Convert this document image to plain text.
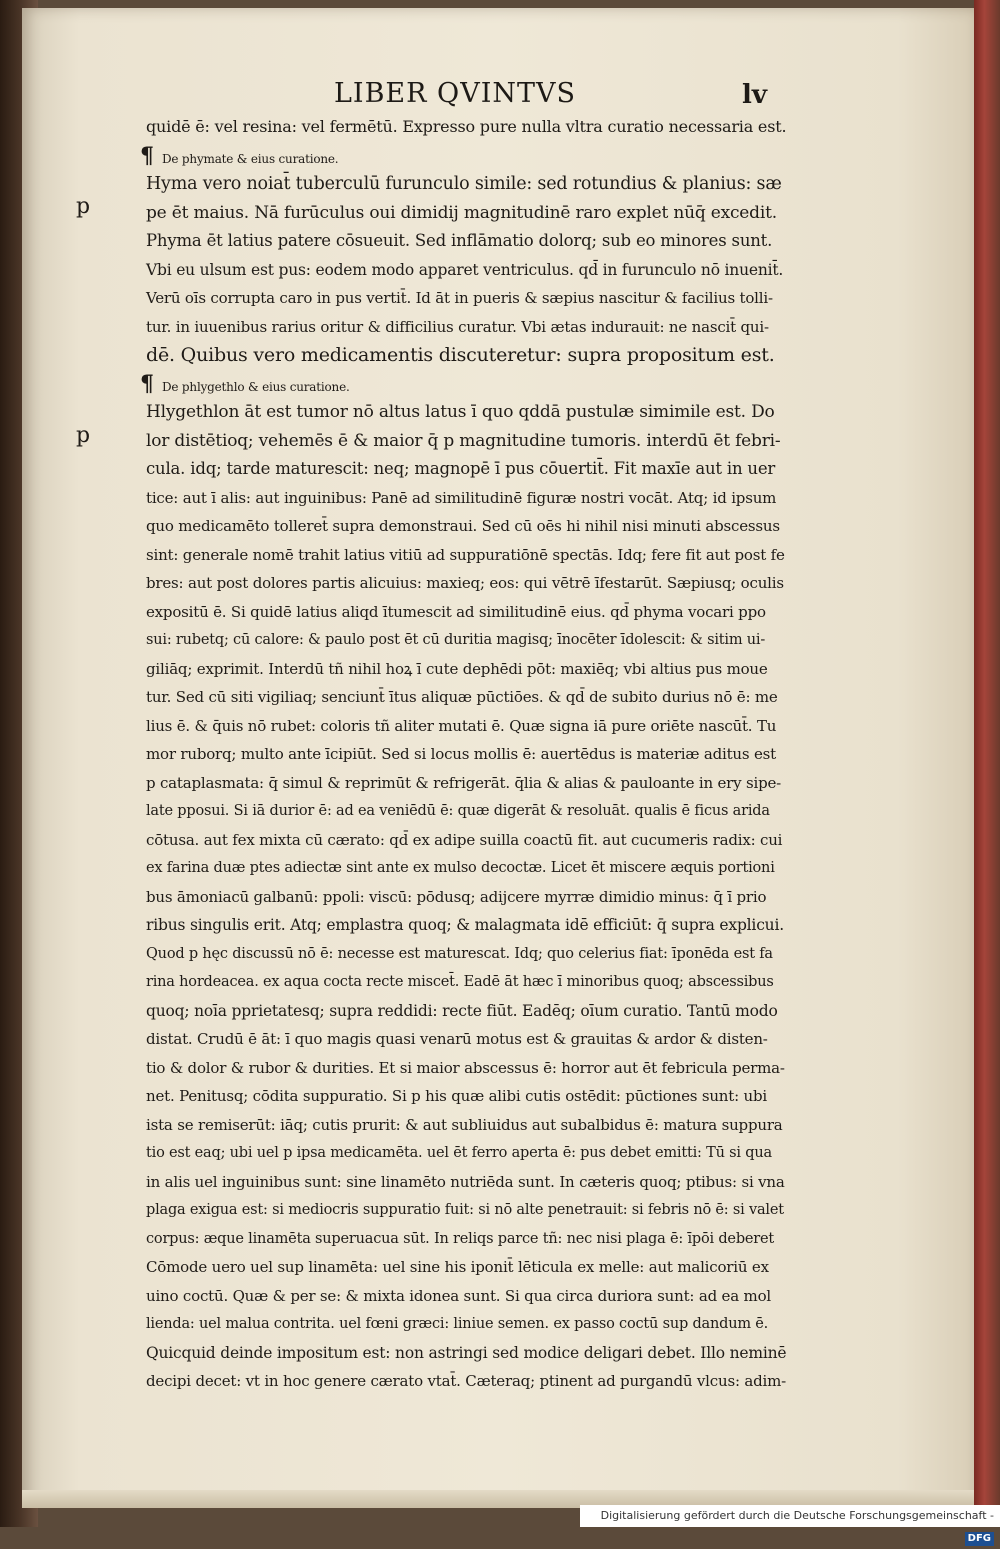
LIBER QVINTVS	lv
p
p
quidē ē: vel resina: vel fermētū. Expresso pure nulla vltra curatio necessaria est.
¶ De phymate & eius curatione.
Hyma vero noiat̄ tuberculū furunculo simile: sed rotundius & planius: sæ
pe ēt maius. Nā furūculus oui dimidij magnitudinē raro explet nūq̄ excedit.
Phyma ēt latius patere cōsueuit. Sed inflāmatio dolorq; sub eo minores sunt.
Vbi eu ulsum est pus: eodem modo apparet ventriculus. qd̄ in furunculo nō inuenit̄.
Verū oīs corrupta caro in pus vertit̄. Id āt in pueris & sæpius nascitur & facilius tolli-
tur. in iuuenibus rarius oritur & difficilius curatur. Vbi ætas indurauit: ne nascit̄ qui-
dē. Quibus vero medicamentis discuteretur: supra propositum est.
¶ De phlygethlo & eius curatione.
Hlygethlon āt est tumor nō altus latus ī quo qddā pustulæ simimile est. Do
lor distētioq; vehemēs ē & maior q̄ p magnitudine tumoris. interdū ēt febri-
cula. idq; tarde maturescit: neq; magnopē ī pus cōuertit̄. Fit maxīe aut in uer
tice: aut ī alis: aut inguinibus: Panē ad similitudinē figuræ nostri vocāt. Atq; id ipsum
quo medicamēto tolleret̄ supra demonstraui. Sed cū oēs hi nihil nisi minuti abscessus
sint: generale nomē trahit latius vitiū ad suppuratiōnē spectās. Idq; fere fit aut post fe
bres: aut post dolores partis alicuius: maxieq; eos: qui vētrē īfestarūt. Sæpiusq; oculis
expositū ē. Si quidē latius aliqd ītumescit ad similitudinē eius. qd̄ phyma vocari ppo
sui: rubetq; cū calore: & paulo post ēt cū duritia magisq; īnocēter īdolescit: & sitim ui-
giliāq; exprimit. Interdū tñ nihil hoꝝ ī cute dephēdi pōt: maxiēq; vbi altius pus moue
tur. Sed cū siti vigiliaq; senciunt̄ ītus aliquæ pūctiōes. & qd̄ de subito durius nō ē: me
lius ē. & q̄uis nō rubet: coloris tñ aliter mutati ē. Quæ signa iā pure oriēte nascūt̄. Tu
mor ruborq; multo ante īcipiūt. Sed si locus mollis ē: auertēdus is materiæ aditus est
p cataplasmata: q̄ simul & reprimūt & refrigerāt. q̄lia & alias & pauloante in ery sipe-
late pposui. Si iā durior ē: ad ea veniēdū ē: quæ digerāt & resoluāt. qualis ē ficus arida
cōtusa. aut fex mixta cū cærato: qd̄ ex adipe suilla coactū fit. aut cucumeris radix: cui
ex farina duæ ptes adiectæ sint ante ex mulso decoctæ. Licet ēt miscere æquis portioni
bus āmoniacū galbanū: ppoli: viscū: pōdusq; adijcere myrræ dimidio minus: q̄ ī prio
ribus singulis erit. Atq; emplastra quoq; & malagmata idē efficiūt: q̄ supra explicui.
Quod p hęc discussū nō ē: necesse est maturescat. Idq; quo celerius fiat: īponēda est fa
rina hordeacea. ex aqua cocta recte miscet̄. Eadē āt hæc ī minoribus quoq; abscessibus
quoq; noīa pprietatesq; supra reddidi: recte fiūt. Eadēq; oīum curatio. Tantū modo
distat. Crudū ē āt: ī quo magis quasi venarū motus est & grauitas & ardor & disten-
tio & dolor & rubor & durities. Et si maior abscessus ē: horror aut ēt febricula perma-
net. Penitusq; cōdita suppuratio. Si p his quæ alibi cutis ostēdit: pūctiones sunt: ubi
ista se remiserūt: iāq; cutis prurit: & aut subliuidus aut subalbidus ē: matura suppura
tio est eaq; ubi uel p ipsa medicamēta. uel ēt ferro aperta ē: pus debet emitti: Tū si qua
in alis uel inguinibus sunt: sine linamēto nutriēda sunt. In cæteris quoq; ptibus: si vna
plaga exigua est: si mediocris suppuratio fuit: si nō alte penetrauit: si febris nō ē: si valet
corpus: æque linamēta superuacua sūt. In reliqs parce tñ: nec nisi plaga ē: īpōi deberet
Cōmode uero uel sup linamēta: uel sine his iponit̄ lēticula ex melle: aut malicoriū ex
uino coctū. Quæ & per se: & mixta idonea sunt. Si qua circa duriora sunt: ad ea mol
lienda: uel malua contrita. uel fœni græci: liniue semen. ex passo coctū sup dandum ē.
Quicquid deinde impositum est: non astringi sed modice deligari debet. Illo neminē
decipi decet: vt in hoc genere cærato vtat̄. Cæteraq; ptinent ad purgandū vlcus: adim-
Digitalisierung gefördert durch die Deutsche Forschungsgemeinschaft -DFG
